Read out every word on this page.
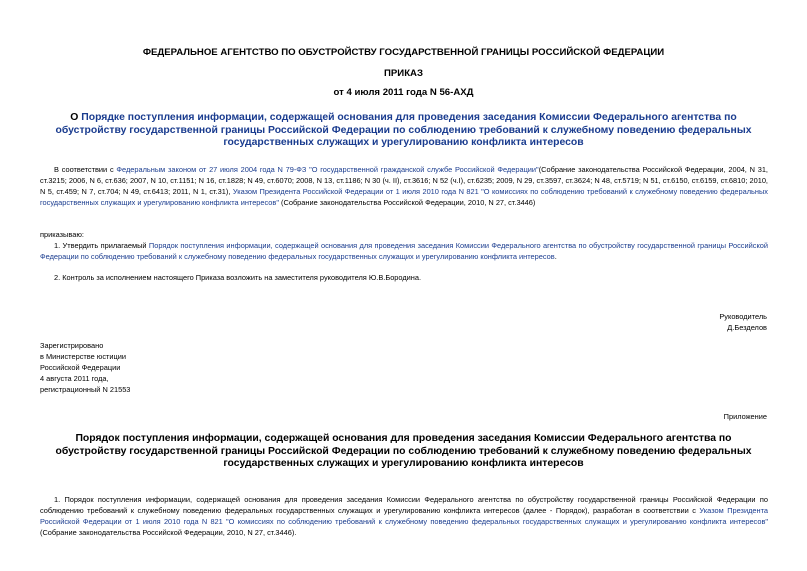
ФЕДЕРАЛЬНОЕ АГЕНТСТВО ПО ОБУСТРОЙСТВУ ГОСУДАРСТВЕННОЙ ГРАНИЦЫ РОССИЙСКОЙ ФЕДЕРАЦИИ
ПРИКАЗ
от 4 июля 2011 года N 56-АХД
О Порядке поступления информации, содержащей основания для проведения заседания Комиссии Федерального агентства по обустройству государственной границы Российской Федерации по соблюдению требований к служебному поведению федеральных государственных служащих и урегулированию конфликта интересов
В соответствии с Федеральным законом от 27 июля 2004 года N 79-ФЗ "О государственной гражданской службе Российской Федерации"(Собрание законодательства Российской Федерации, 2004, N 31, ст.3215; 2006, N 6, ст.636; 2007, N 10, ст.1151; N 16, ст.1828; N 49, ст.6070; 2008, N 13, ст.1186; N 30 (ч. II), ст.3616; N 52 (ч.I), ст.6235; 2009, N 29, ст.3597, ст.3624; N 48, ст.5719; N 51, ст.6150, ст.6159, ст.6810; 2010, N 5, ст.459; N 7, ст.704; N 49, ст.6413; 2011, N 1, ст.31), Указом Президента Российской Федерации от 1 июля 2010 года N 821 "О комиссиях по соблюдению требований к служебному поведению федеральных государственных служащих и урегулированию конфликта интересов" (Собрание законодательства Российской Федерации, 2010, N 27, ст.3446)
приказываю:
1. Утвердить прилагаемый Порядок поступления информации, содержащей основания для проведения заседания Комиссии Федерального агентства по обустройству государственной границы Российской Федерации по соблюдению требований к служебному поведению федеральных государственных служащих и урегулированию конфликта интересов.
2. Контроль за исполнением настоящего Приказа возложить на заместителя руководителя Ю.В.Бородина.
Руководитель
Д.Безделов
Зарегистрировано
в Министерстве юстиции
Российской Федерации
4 августа 2011 года,
регистрационный N 21553
Приложение
Порядок поступления информации, содержащей основания для проведения заседания Комиссии Федерального агентства по обустройству государственной границы Российской Федерации по соблюдению требований к служебному поведению федеральных государственных служащих и урегулированию конфликта интересов
1. Порядок поступления информации, содержащей основания для проведения заседания Комиссии Федерального агентства по обустройству государственной границы Российской Федерации по соблюдению требований к служебному поведению федеральных государственных служащих и урегулированию конфликта интересов (далее - Порядок), разработан в соответствии с Указом Президента Российской Федерации от 1 июля 2010 года N 821 "О комиссиях по соблюдению требований к служебному поведению федеральных государственных служащих и урегулированию конфликта интересов" (Собрание законодательства Российской Федерации, 2010, N 27, ст.3446).
